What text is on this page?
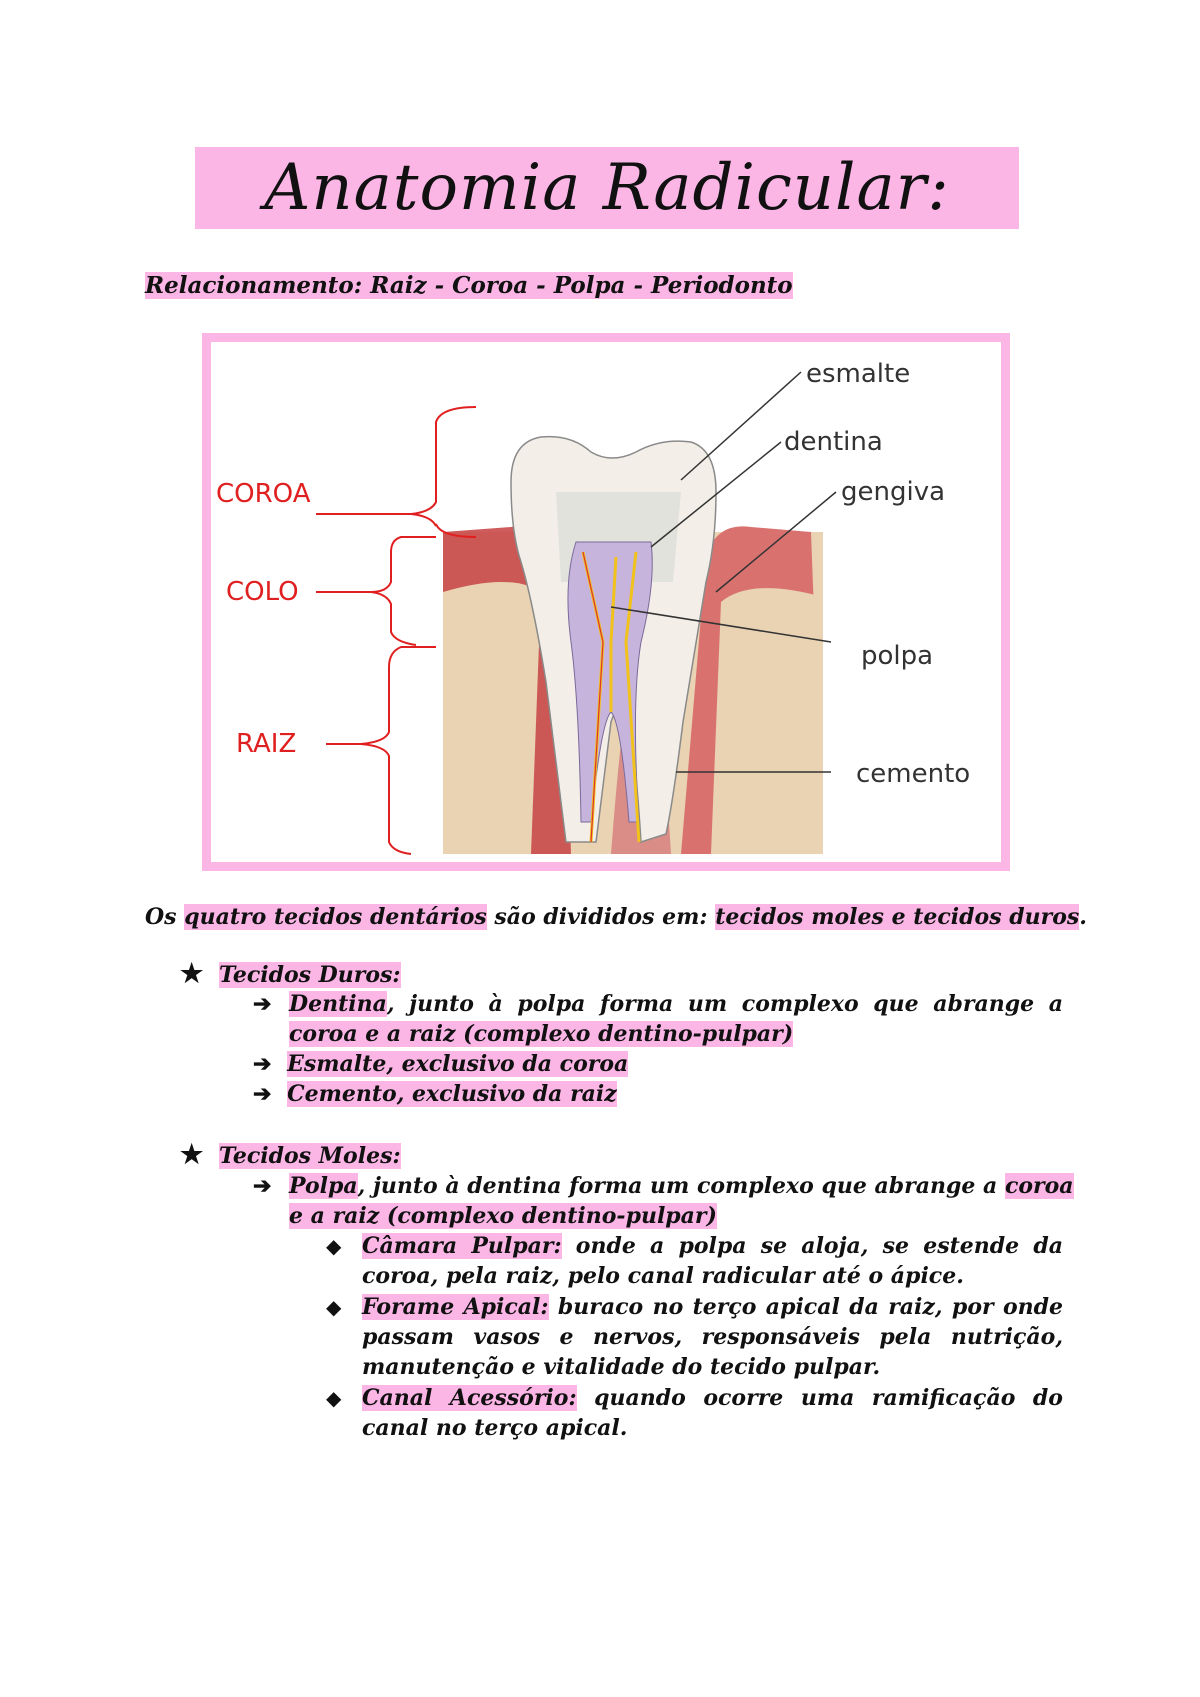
Anatomia Radicular:
Relacionamento: Raiz - Coroa - Polpa - Periodonto
COROA
COLO
RAIZ
esmalte
dentina
gengiva
polpa
cemento
Os quatro tecidos dentários são divididos em: tecidos moles e tecidos duros.
★ Tecidos Duros:
➔ Dentina, junto à polpa forma um complexo que abrange a
coroa e a raiz (complexo dentino-pulpar)
➔ Esmalte, exclusivo da coroa
➔ Cemento, exclusivo da raiz
★ Tecidos Moles:
➔ Polpa, junto à dentina forma um complexo que abrange a coroa
e a raiz (complexo dentino-pulpar)
◆ Câmara Pulpar: onde a polpa se aloja, se estende da
coroa, pela raiz, pelo canal radicular até o ápice.
◆ Forame Apical: buraco no terço apical da raiz, por onde
passam vasos e nervos, responsáveis pela nutrição,
manutenção e vitalidade do tecido pulpar.
◆ Canal Acessório: quando ocorre uma ramificação do
canal no terço apical.
